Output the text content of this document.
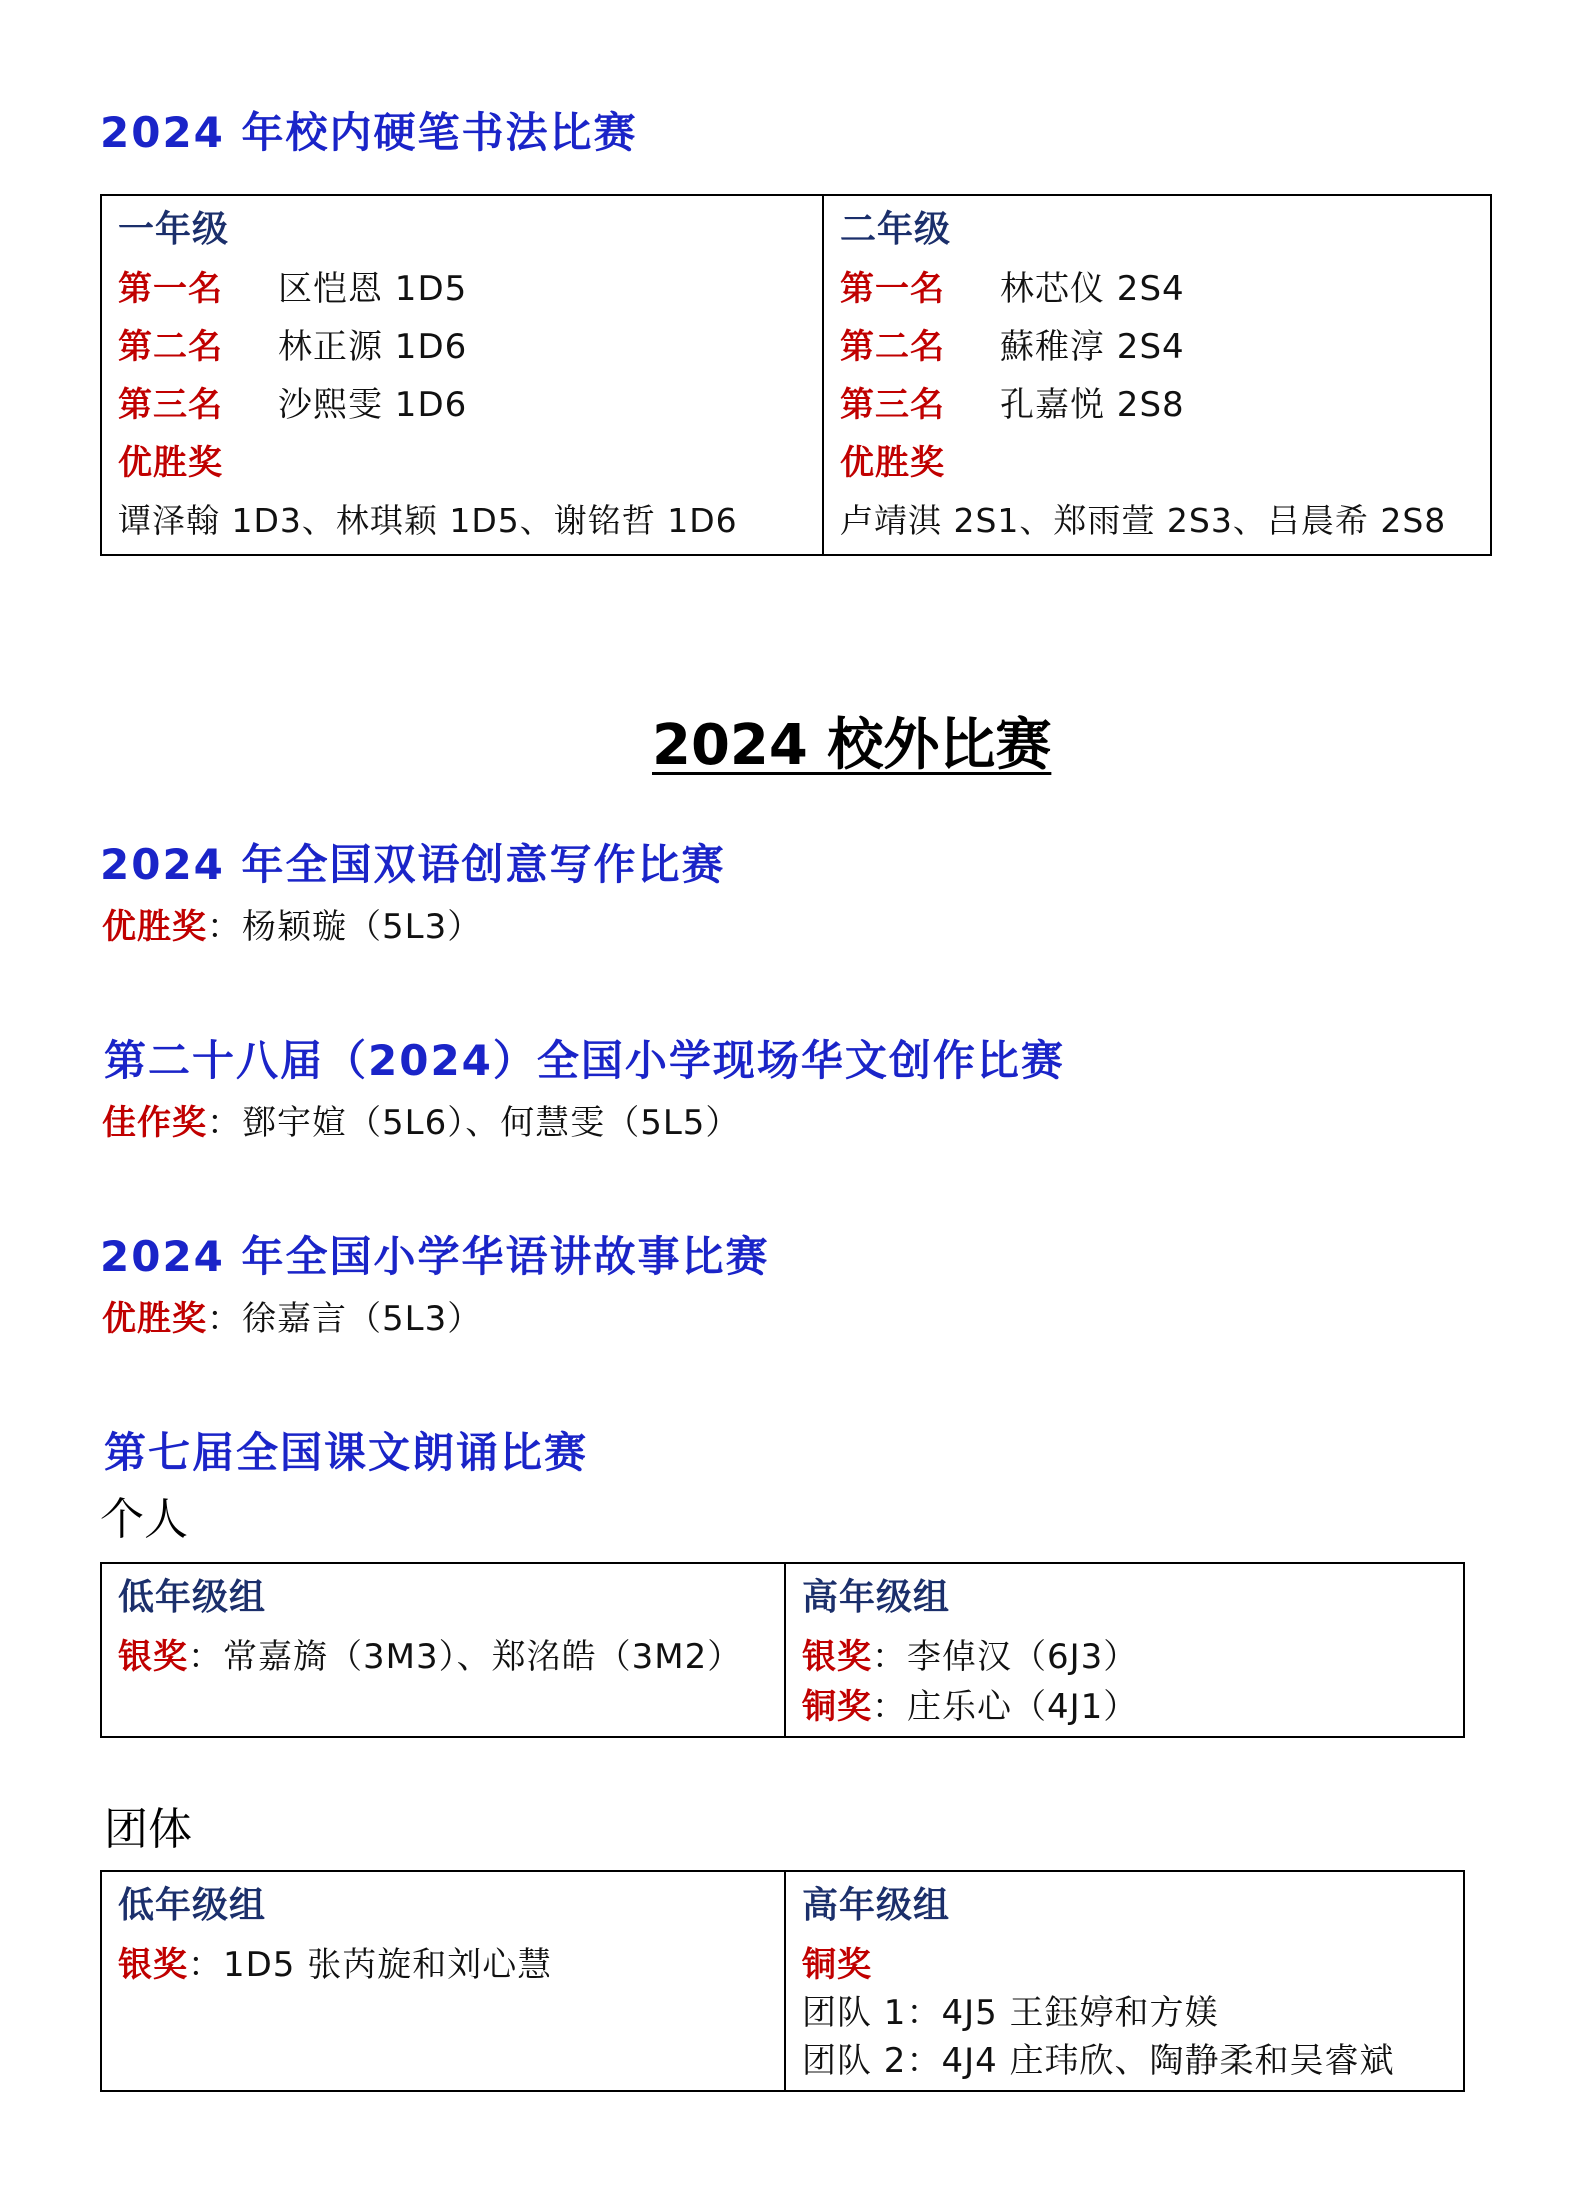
2024 年校内硬笔书法比赛
一年级
第一名 区恺恩 1D5
第二名 林正源 1D6
第三名 沙熙雯 1D6
优胜奖
谭泽翰 1D3、林琪颖 1D5、谢铭哲 1D6
二年级
第一名 林芯仪 2S4
第二名 蘇稚淳 2S4
第三名 孔嘉悦 2S8
优胜奖
卢靖淇 2S1、郑雨萱 2S3、吕晨希 2S8
2024 校外比赛
2024 年全国双语创意写作比赛
优胜奖：杨颖璇（5L3）
第二十八届（2024）全国小学现场华文创作比赛
佳作奖：鄧宇媗（5L6）、何慧雯（5L5）
2024 年全国小学华语讲故事比赛
优胜奖：徐嘉言（5L3）
第七届全国课文朗诵比赛
个人
低年级组
银奖：常嘉旖（3M3）、郑洺皓（3M2）
高年级组
银奖：李倬汉（6J3）
铜奖：庄乐心（4J1）
团体
低年级组
银奖：1D5 张芮旋和刘心慧
高年级组
铜奖
团队 1：4J5 王鈺婷和方媄
团队 2：4J4 庄玮欣、陶静柔和吴睿斌
